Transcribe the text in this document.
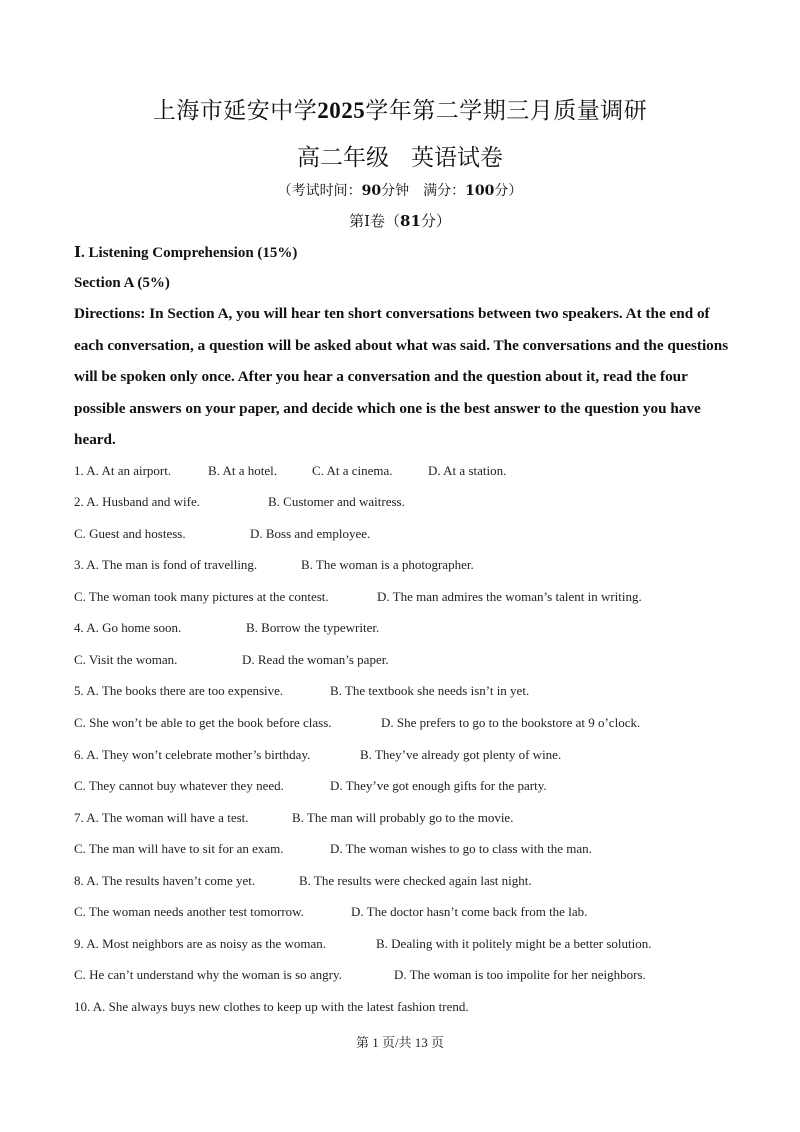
上海市延安中学2025学年第二学期三月质量调研
高二年级 英语试卷
（考试时间：90分钟　满分：100分）
第Ⅰ卷（81分）
Ⅰ. Listening Comprehension (15%)
Section A (5%)
Directions: In Section A, you will hear ten short conversations between two speakers. At the end of each conversation, a question will be asked about what was said. The conversations and the questions will be spoken only once. After you hear a conversation and the question about it, read the four possible answers on your paper, and decide which one is the best answer to the question you have heard.
1. A. At an airport.	B. At a hotel.	C. At a cinema.	D. At a station.
2. A. Husband and wife.	B. Customer and waitress.
C. Guest and hostess.	D. Boss and employee.
3. A. The man is fond of travelling.	B. The woman is a photographer.
C. The woman took many pictures at the contest.	D. The man admires the woman’s talent in writing.
4. A. Go home soon.	B. Borrow the typewriter.
C. Visit the woman.	D. Read the woman’s paper.
5. A. The books there are too expensive.	B. The textbook she needs isn’t in yet.
C. She won’t be able to get the book before class.	D. She prefers to go to the bookstore at 9 o’clock.
6. A. They won’t celebrate mother’s birthday.	B. They’ve already got plenty of wine.
C. They cannot buy whatever they need.	D. They’ve got enough gifts for the party.
7. A. The woman will have a test.	B. The man will probably go to the movie.
C. The man will have to sit for an exam.	D. The woman wishes to go to class with the man.
8. A. The results haven’t come yet.	B. The results were checked again last night.
C. The woman needs another test tomorrow.	D. The doctor hasn’t come back from the lab.
9. A. Most neighbors are as noisy as the woman.	B. Dealing with it politely might be a better solution.
C. He can’t understand why the woman is so angry.	D. The woman is too impolite for her neighbors.
10. A. She always buys new clothes to keep up with the latest fashion trend.
第 1 页/共 13 页
